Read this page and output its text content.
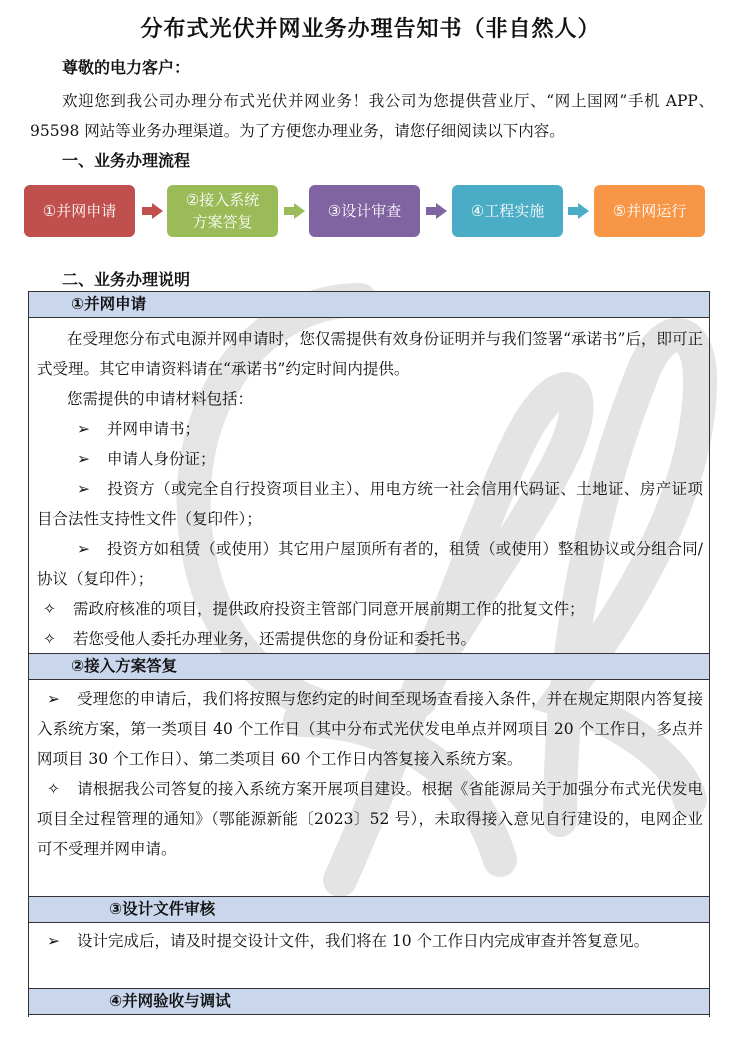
分布式光伏并网业务办理告知书（非自然人）
尊敬的电力客户：
欢迎您到我公司办理分布式光伏并网业务！我公司为您提供营业厅、“网上国网”手机 APP、95598 网站等业务办理渠道。为了方便您办理业务，请您仔细阅读以下内容。
一、业务办理流程
①并网申请
②接入系统
方案答复
③设计审查	④工程实施	⑤并网运行
二、业务办理说明
①并网申请

在受理您分布式电源并网申请时，您仅需提供有效身份证明并与我们签署“承诺书”后，即可正式受理。其它申请资料请在“承诺书”约定时间内提供。

您需提供的申请材料包括：

➢ 并网申请书；

➢ 申请人身份证；

➢ 投资方（或完全自行投资项目业主）、用电方统一社会信用代码证、土地证、房产证项目合法性支持性文件（复印件）；

➢ 投资方如租赁（或使用）其它用户屋顶所有者的，租赁（或使用）整租协议或分组合同/协议（复印件）；

✧ 需政府核准的项目，提供政府投资主管部门同意开展前期工作的批复文件；

✧ 若您受他人委托办理业务，还需提供您的身份证和委托书。

②接入方案答复

➢ 受理您的申请后，我们将按照与您约定的时间至现场查看接入条件，并在规定期限内答复接入系统方案，第一类项目 40 个工作日（其中分布式光伏发电单点并网项目 20 个工作日，多点并网项目 30 个工作日）、第二类项目 60 个工作日内答复接入系统方案。

✧ 请根据我公司答复的接入系统方案开展项目建设。根据《省能源局关于加强分布式光伏发电项目全过程管理的通知》（鄂能源新能〔2023〕52 号），未取得接入意见自行建设的，电网企业可不受理并网申请。

③设计文件审核

➢ 设计完成后，请及时提交设计文件，我们将在 10 个工作日内完成审查并答复意见。

④并网验收与调试
